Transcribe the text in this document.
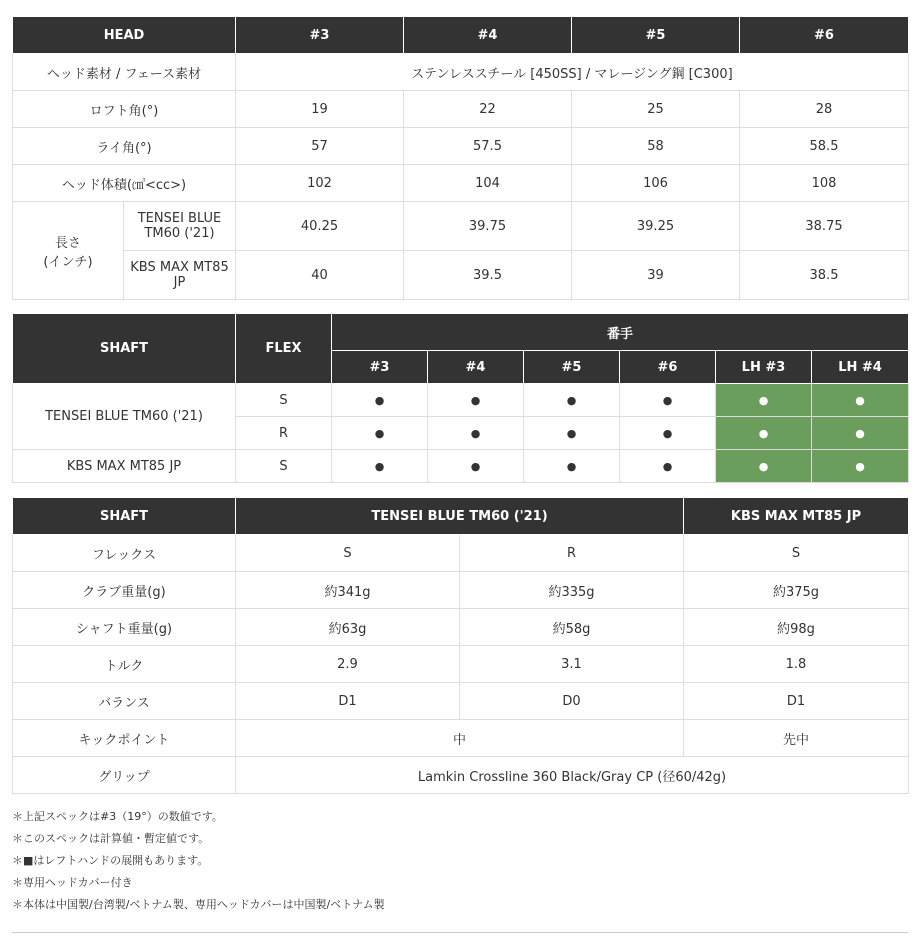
HEAD		#3	#4	#5	#6
ヘッド素材 / フェース素材		ステンレススチール [450SS] / マレージング鋼 [C300]			
ロフト角(°)		19	22	25	28
ライ角(°)		57	57.5	58	58.5
ヘッド体積(㎤<cc>)		102	104	106	108

長さ
(インチ)	TENSEI BLUE TM60 ('21)	40.25	39.75	39.25	38.75
	KBS MAX MT85 JP	40	39.5	39	38.5
SHAFT	FLEX	番手					
		#3	#4	#5	#6	LH #3	LH #4
TENSEI BLUE TM60 ('21)	S	●	●	●	●	●	●
	R	●	●	●	●	●	●
KBS MAX MT85 JP	S	●	●	●	●	●	●
SHAFT	TENSEI BLUE TM60 ('21)		KBS MAX MT85 JP
フレックス	S	R	S
クラブ重量(g)	約341g	約335g	約375g
シャフト重量(g)	約63g	約58g	約98g
トルク	2.9	3.1	1.8
バランス	D1	D0	D1
キックポイント	中		先中
グリップ	Lamkin Crossline 360 Black/Gray CP (径60/42g)		
＊上記スペックは#3（19°）の数値です。
＊このスペックは計算値・暫定値です。
＊■はレフトハンドの展開もあります。
＊専用ヘッドカバー付き
＊本体は中国製/台湾製/ベトナム製、専用ヘッドカバーは中国製/ベトナム製
